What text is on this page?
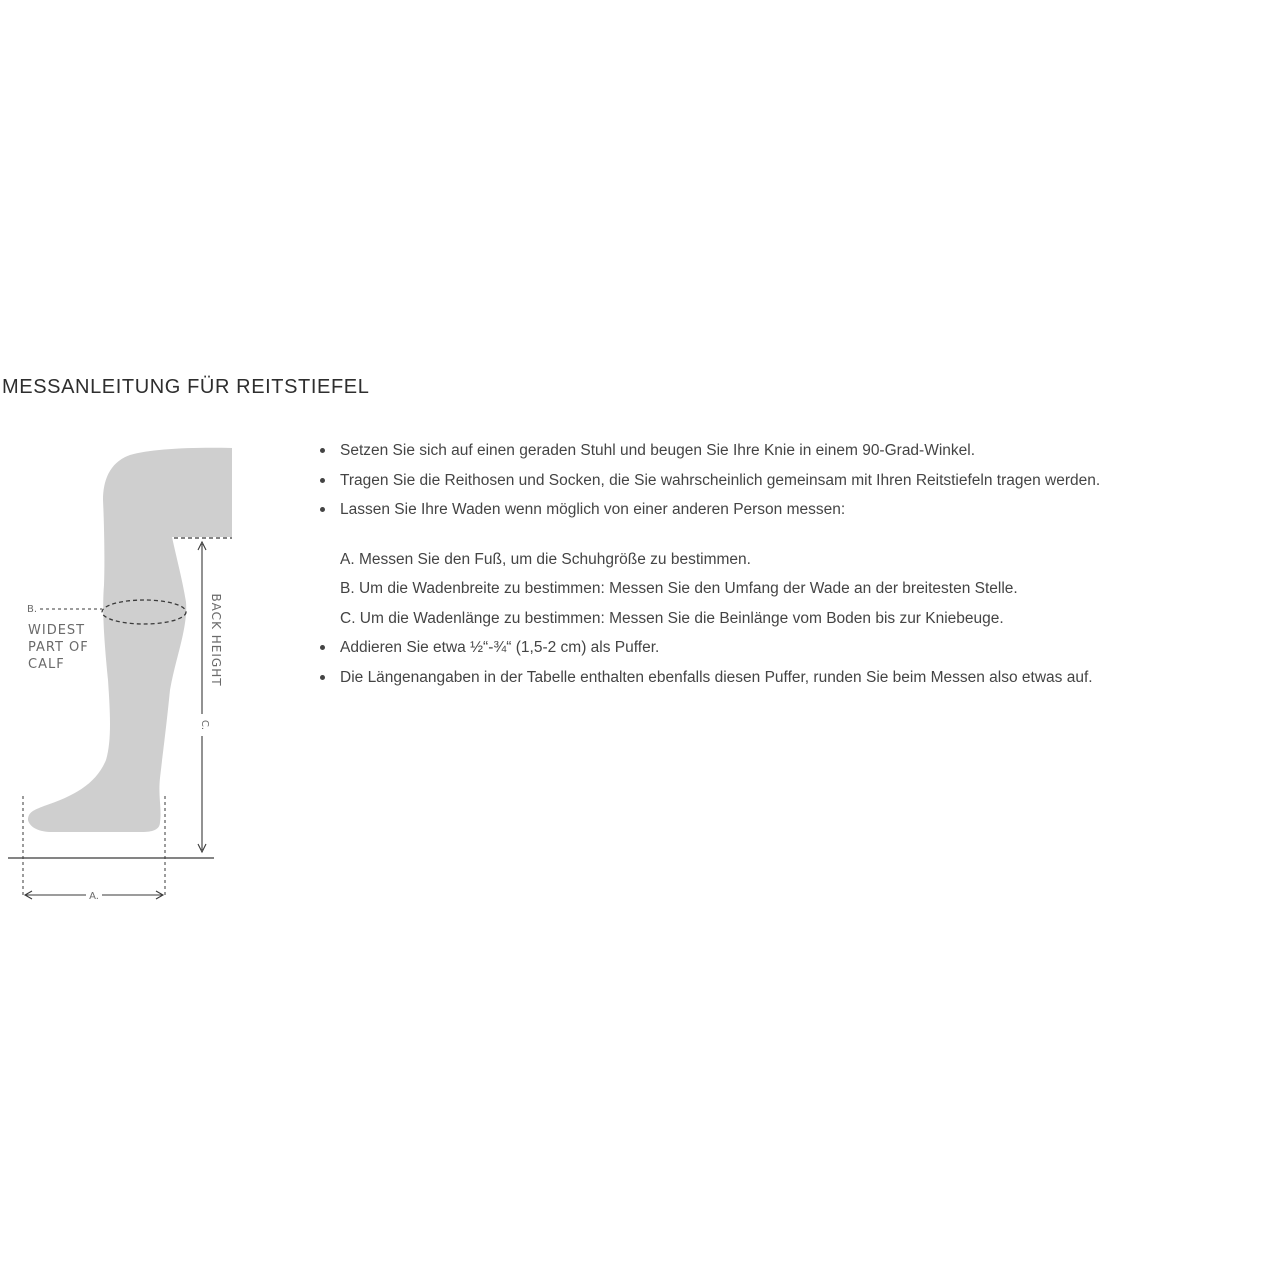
MESSANLEITUNG FÜR REITSTIEFEL
B.
WIDEST
PART OF
CALF
C.
BACK HEIGHT
A.
Setzen Sie sich auf einen geraden Stuhl und beugen Sie Ihre Knie in einem 90-Grad-Winkel.
Tragen Sie die Reithosen und Socken, die Sie wahrscheinlich gemeinsam mit Ihren Reitstiefeln tragen werden.
Lassen Sie Ihre Waden wenn möglich von einer anderen Person messen:
A. Messen Sie den Fuß, um die Schuhgröße zu bestimmen.
B. Um die Wadenbreite zu bestimmen: Messen Sie den Umfang der Wade an der breitesten Stelle.
C. Um die Wadenlänge zu bestimmen: Messen Sie die Beinlänge vom Boden bis zur Kniebeuge.
Addieren Sie etwa ½“-¾“ (1,5-2 cm) als Puffer.
Die Längenangaben in der Tabelle enthalten ebenfalls diesen Puffer, runden Sie beim Messen also etwas auf.
